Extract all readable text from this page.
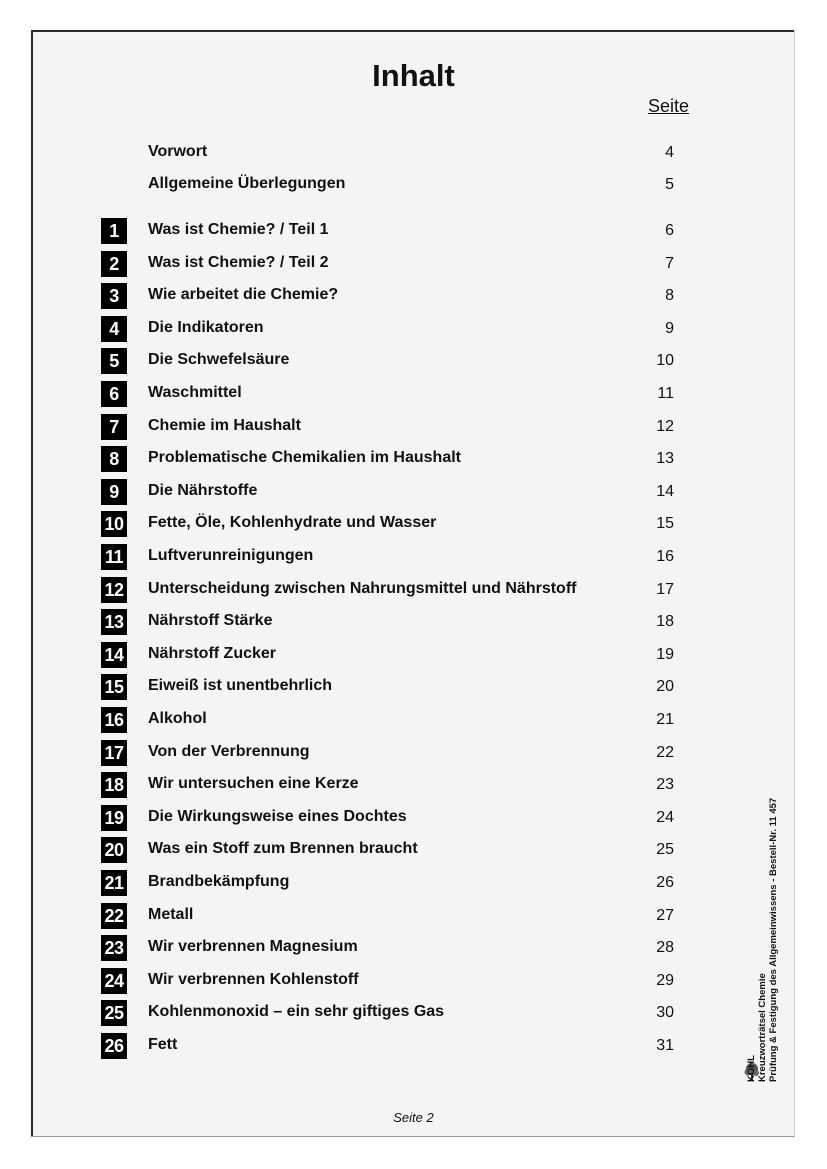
Inhalt
Seite
Vorwort	4
Allgemeine Überlegungen	5
1	Was ist Chemie? / Teil 1	6
2	Was ist Chemie? / Teil 2	7
3	Wie arbeitet die Chemie?	8
4	Die Indikatoren	9
5	Die Schwefelsäure	10
6	Waschmittel	11
7	Chemie im Haushalt	12
8	Problematische Chemikalien im Haushalt	13
9	Die Nährstoffe	14
10 Fette, Öle, Kohlenhydrate und Wasser	15
11 Luftverunreinigungen	16
12 Unterscheidung zwischen Nahrungsmittel und Nährstoff	17
13 Nährstoff Stärke	18
14 Nährstoff Zucker	19
15 Eiweiß ist unentbehrlich	20
16 Alkohol	21
17 Von der Verbrennung	22
18 Wir untersuchen eine Kerze	23
19 Die Wirkungsweise eines Dochtes	24
20 Was ein Stoff zum Brennen braucht	25
21 Brandbekämpfung	26
22 Metall	27
23 Wir verbrennen Magnesium	28
24 Wir verbrennen Kohlenstoff	29
25 Kohlenmonoxid – ein sehr giftiges Gas	30
26 Fett	31
Seite 2
KOHL Kreuzworträtsel Chemie Prüfung & Festigung des Allgemeinwissens - Bestell-Nr. 11 457
